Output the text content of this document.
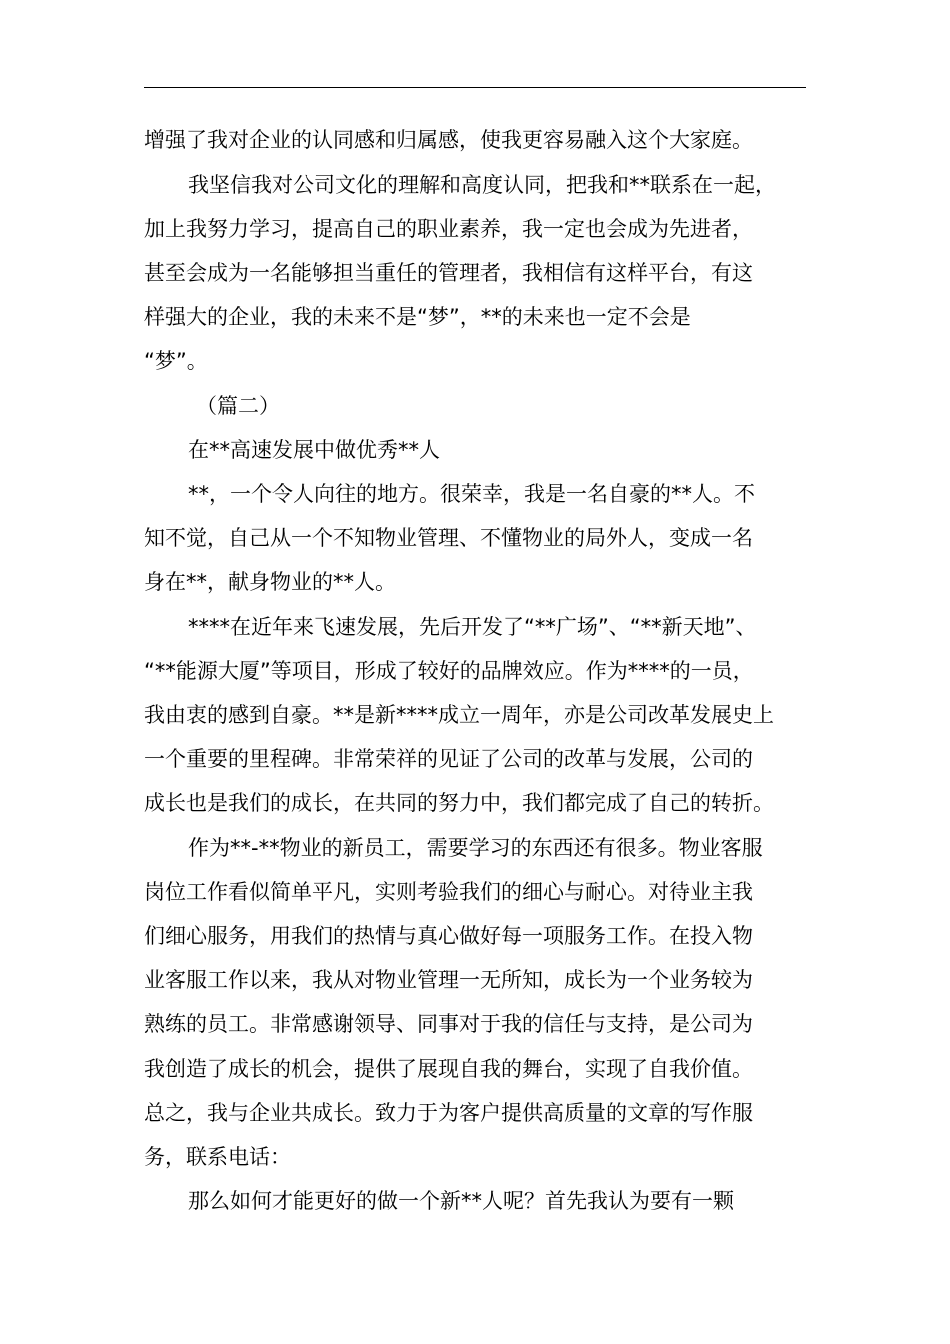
增强了我对企业的认同感和归属感，使我更容易融入这个大家庭。
我坚信我对公司文化的理解和高度认同，把我和**联系在一起，
加上我努力学习，提高自己的职业素养，我一定也会成为先进者，
甚至会成为一名能够担当重任的管理者，我相信有这样平台，有这
样强大的企业，我的未来不是“梦”，**的未来也一定不会是
“梦”。
（篇二）
在**高速发展中做优秀**人
**，一个令人向往的地方。很荣幸，我是一名自豪的**人。不
知不觉，自己从一个不知物业管理、不懂物业的局外人，变成一名
身在**，献身物业的**人。
****在近年来飞速发展，先后开发了“**广场”、“**新天地”、
“**能源大厦”等项目，形成了较好的品牌效应。作为****的一员，
我由衷的感到自豪。**是新****成立一周年，亦是公司改革发展史上
一个重要的里程碑。非常荣祥的见证了公司的改革与发展，公司的
成长也是我们的成长，在共同的努力中，我们都完成了自己的转折。
作为**-**物业的新员工，需要学习的东西还有很多。物业客服
岗位工作看似简单平凡，实则考验我们的细心与耐心。对待业主我
们细心服务，用我们的热情与真心做好每一项服务工作。在投入物
业客服工作以来，我从对物业管理一无所知，成长为一个业务较为
熟练的员工。非常感谢领导、同事对于我的信任与支持，是公司为
我创造了成长的机会，提供了展现自我的舞台，实现了自我价值。
总之，我与企业共成长。致力于为客户提供高质量的文章的写作服
务，联系电话：
那么如何才能更好的做一个新**人呢？首先我认为要有一颗
